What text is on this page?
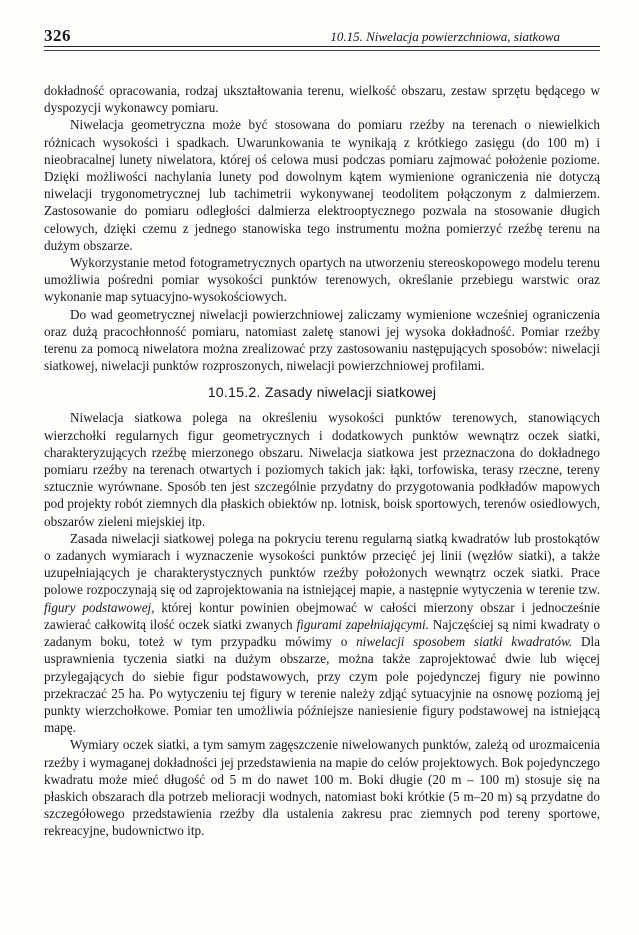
326	10.15. Niwelacja powierzchniowa, siatkowa

dokładność opracowania, rodzaj ukształtowania terenu, wielkość obszaru, zestaw sprzętu będącego w dyspozycji wykonawcy pomiaru.

Niwelacja geometryczna może być stosowana do pomiaru rzeźby na terenach o niewielkich różnicach wysokości i spadkach. Uwarunkowania te wynikają z krótkiego zasięgu (do 100 m) i nieobracalnej lunety niwelatora, której oś celowa musi podczas pomiaru zajmować położenie poziome. Dzięki możliwości nachylania lunety pod dowolnym kątem wymienione ograniczenia nie dotyczą niwelacji trygonometrycznej lub tachimetrii wykonywanej teodolitem połączonym z dalmierzem. Zastosowanie do pomiaru odległości dalmierza elektrooptycznego pozwala na stosowanie długich celowych, dzięki czemu z jednego stanowiska tego instrumentu można pomierzyć rzeźbę terenu na dużym obszarze.

Wykorzystanie metod fotogrametrycznych opartych na utworzeniu stereoskopowego modelu terenu umożliwia pośredni pomiar wysokości punktów terenowych, określanie przebiegu warstwic oraz wykonanie map sytuacyjno-wysokościowych.

Do wad geometrycznej niwelacji powierzchniowej zaliczamy wymienione wcześniej ograniczenia oraz dużą pracochłonność pomiaru, natomiast zaletę stanowi jej wysoka dokładność. Pomiar rzeźby terenu za pomocą niwelatora można zrealizować przy zastosowaniu następujących sposobów: niwelacji siatkowej, niwelacji punktów rozproszonych, niwelacji powierzchniowej profilami.

10.15.2. Zasady niwelacji siatkowej

Niwelacja siatkowa polega na określeniu wysokości punktów terenowych, stanowiących wierzchołki regularnych figur geometrycznych i dodatkowych punktów wewnątrz oczek siatki, charakteryzujących rzeźbę mierzonego obszaru. Niwelacja siatkowa jest przeznaczona do dokładnego pomiaru rzeźby na terenach otwartych i poziomych takich jak: łąki, torfowiska, terasy rzeczne, tereny sztucznie wyrównane. Sposób ten jest szczególnie przydatny do przygotowania podkładów mapowych pod projekty robót ziemnych dla płaskich obiektów np. lotnisk, boisk sportowych, terenów osiedlowych, obszarów zieleni miejskiej itp.

Zasada niwelacji siatkowej polega na pokryciu terenu regularną siatką kwadratów lub prostokątów o zadanych wymiarach i wyznaczenie wysokości punktów przecięć jej linii (węzłów siatki), a także uzupełniających je charakterystycznych punktów rzeźby położonych wewnątrz oczek siatki. Prace polowe rozpoczynają się od zaprojektowania na istniejącej mapie, a następnie wytyczenia w terenie tzw. figury podstawowej, której kontur powinien obejmować w całości mierzony obszar i jednocześnie zawierać całkowitą ilość oczek siatki zwanych figurami zapełniającymi. Najczęściej są nimi kwadraty o zadanym boku, toteż w tym przypadku mówimy o niwelacji sposobem siatki kwadratów. Dla usprawnienia tyczenia siatki na dużym obszarze, można także zaprojektować dwie lub więcej przylegających do siebie figur podstawowych, przy czym pole pojedynczej figury nie powinno przekraczać 25 ha. Po wytyczeniu tej figury w terenie należy zdjąć sytuacyjnie na osnowę poziomą jej punkty wierzchołkowe. Pomiar ten umożliwia późniejsze naniesienie figury podstawowej na istniejącą mapę.

Wymiary oczek siatki, a tym samym zagęszczenie niwelowanych punktów, zależą od urozmaicenia rzeźby i wymaganej dokładności jej przedstawienia na mapie do celów projektowych. Bok pojedynczego kwadratu może mieć długość od 5 m do nawet 100 m. Boki długie (20 m – 100 m) stosuje się na płaskich obszarach dla potrzeb melioracji wodnych, natomiast boki krótkie (5 m–20 m) są przydatne do szczegółowego przedstawienia rzeźby dla ustalenia zakresu prac ziemnych pod tereny sportowe, rekreacyjne, budownictwo itp.
